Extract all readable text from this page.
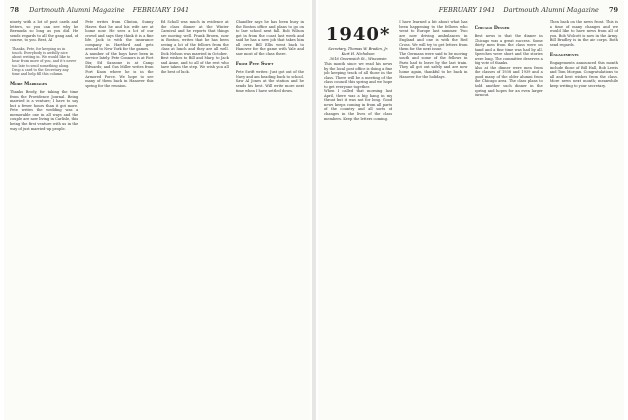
78 Dartmouth Alumni Magazine FEBRUARY 1941

ninety with a lot of post cards and letters, so you can see why he Bermuda so long as you did. He sends regards to all the gang and, of course, to you. Best, Al

Thanks, Pete, for keeping us in touch. Everybody is awfully nice about writing in. We would like to hear from more of you, and it's never too late to send something along. Drop a card to the Secretary any time and help fill this column.

More Marriages

Thanks Brody, for taking the time from the Providence Journal. Being married is a venture; I have to say but a fewer hours than it got more. Pete writes the wedding was a memorable one in all ways and the couple are now living in Carlisle, this being the first venture with us in the way of just married-up people.

Pete writes from Clinton, Sunny Haves that he and his wife are at home now. He sees a lot of our crowd and says they think it is a fine life. Jack is with the insurance company in Hartford and gets around to New York for the games.

A number of the boys have been in service lately. Pete Connors is at Fort Dix; Ed Sansone is at Camp Edwards; and Gus Miller writes from Fort Knox where he is in the Armored Force. We hope to see many of them back in Hanover this spring for the reunion.

Ed Scholl was much in evidence at the class dinner at the Winter Carnival and he reports that things are moving well. Frank Brown, now in Boston, writes that he has been seeing a lot of the fellows from the class at lunch and they are all well. Dick Nelson was married in October.

Best wishes to Bill and Mary, to Jack and Anne, and to all of the rest who have taken the step. We wish you all the best of luck.

Chandler says he has been busy in the Boston office and plans to go on to law school next fall. Bob Wilson got in from the coast last week and said he has a new job that takes him all over. Bill Ellis went back to Hanover for the game with Yale and saw most of the class there.

From Pete Swift

Pete Swift writes: Just got out of the Navy and am heading back to school. Saw Al Jones at the station and he sends his best. Will write more next time when I have settled down.

FEBRUARY 1941 Dartmouth Alumni Magazine 79
1940*
Secretary, Thomas W. Braden, Jr.
Kurt H. Nicholson
3016 Greenwich St., Wisconsin

This month since we read his news by the local post office is doing a fine job keeping track of all those in the class. There will be a meeting of the class council this spring and we hope to get everyone together.

When I called that morning last April, there was a big hang in my throat but it was not for long. Good news keeps coming in from all parts of the country and all sorts of changes in the lives of the class members. Keep the letters coming.

I have learned a bit about what has been happening to the fellows who went to Europe last summer. Two are now driving ambulances in England and one is with the Red Cross. We will try to get letters from them for the next issue.

The Germans were said to be moving south and some of the fellows in Paris had to leave by the last train. They all got out safely and are now home again, thankful to be back in Hanover for the holidays.

Chicago Dinner

Best news is that the dinner in Chicago was a great success. Some thirty men from the class were on hand and a fine time was had by all. Speeches were short and the stories were long. The committee deserves a big vote of thanks.

Also at the dinner were men from the classes of 1938 and 1939 and a good many of the older alumni from the Chicago area. The class plans to hold another such dinner in the spring and hopes for an even larger turnout.

Then back on the news front. This is a time of many changes and we would like to have news from all of you. Bob Wolcott is now in the Army. Bill Bradley is in the air corps. Both send regards.

Engagements

Engagements announced this month include those of Bill Hall, Bob Lewis and Tom Morgan. Congratulations to all and best wishes from the class. More news next month; meanwhile keep writing to your secretary.
